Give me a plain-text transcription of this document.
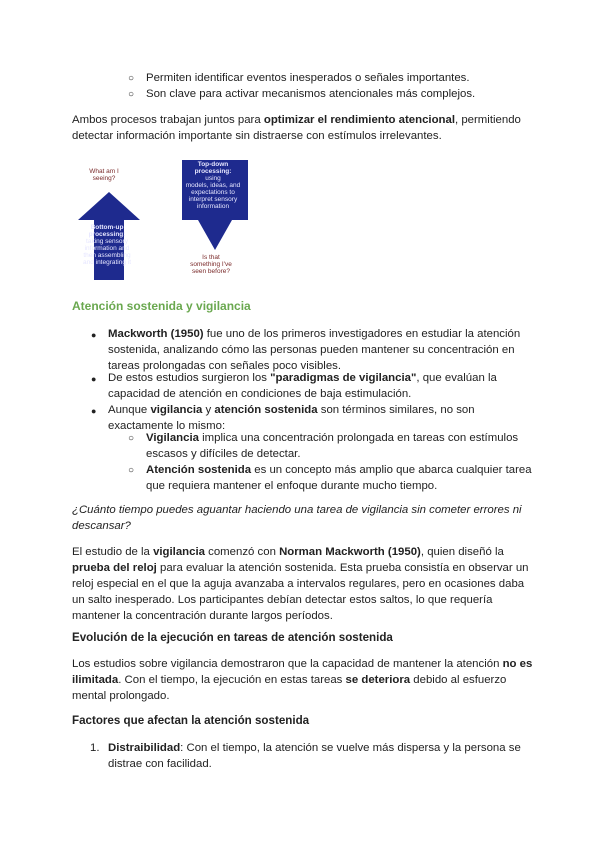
○ Permiten identificar eventos inesperados o señales importantes.
○ Son clave para activar mecanismos atencionales más complejos.
Ambos procesos trabajan juntos para optimizar el rendimiento atencional, permitiendo
detectar información importante sin distraerse con estímulos irrelevantes.
What am I
seeing?
Bottom-up
processing:
taking sensory
information and
then assembling
and integrating it
Top-down
processing:
using
models, ideas, and
expectations to
interpret sensory
information
Is that
something I've
seen before?
Atención sostenida y vigilancia
● Mackworth (1950) fue uno de los primeros investigadores en estudiar la atención
sostenida, analizando cómo las personas pueden mantener su concentración en
tareas prolongadas con señales poco visibles.
● De estos estudios surgieron los "paradigmas de vigilancia", que evalúan la
capacidad de atención en condiciones de baja estimulación.
● Aunque vigilancia y atención sostenida son términos similares, no son
exactamente lo mismo:
○ Vigilancia implica una concentración prolongada en tareas con estímulos
escasos y difíciles de detectar.
○ Atención sostenida es un concepto más amplio que abarca cualquier tarea
que requiera mantener el enfoque durante mucho tiempo.
¿Cuánto tiempo puedes aguantar haciendo una tarea de vigilancia sin cometer errores ni
descansar?
El estudio de la vigilancia comenzó con Norman Mackworth (1950), quien diseñó la
prueba del reloj para evaluar la atención sostenida. Esta prueba consistía en observar un
reloj especial en el que la aguja avanzaba a intervalos regulares, pero en ocasiones daba
un salto inesperado. Los participantes debían detectar estos saltos, lo que requería
mantener la concentración durante largos períodos.
Evolución de la ejecución en tareas de atención sostenida
Los estudios sobre vigilancia demostraron que la capacidad de mantener la atención no es
ilimitada. Con el tiempo, la ejecución en estas tareas se deteriora debido al esfuerzo
mental prolongado.
Factores que afectan la atención sostenida
1. Distraibilidad: Con el tiempo, la atención se vuelve más dispersa y la persona se
distrae con facilidad.
